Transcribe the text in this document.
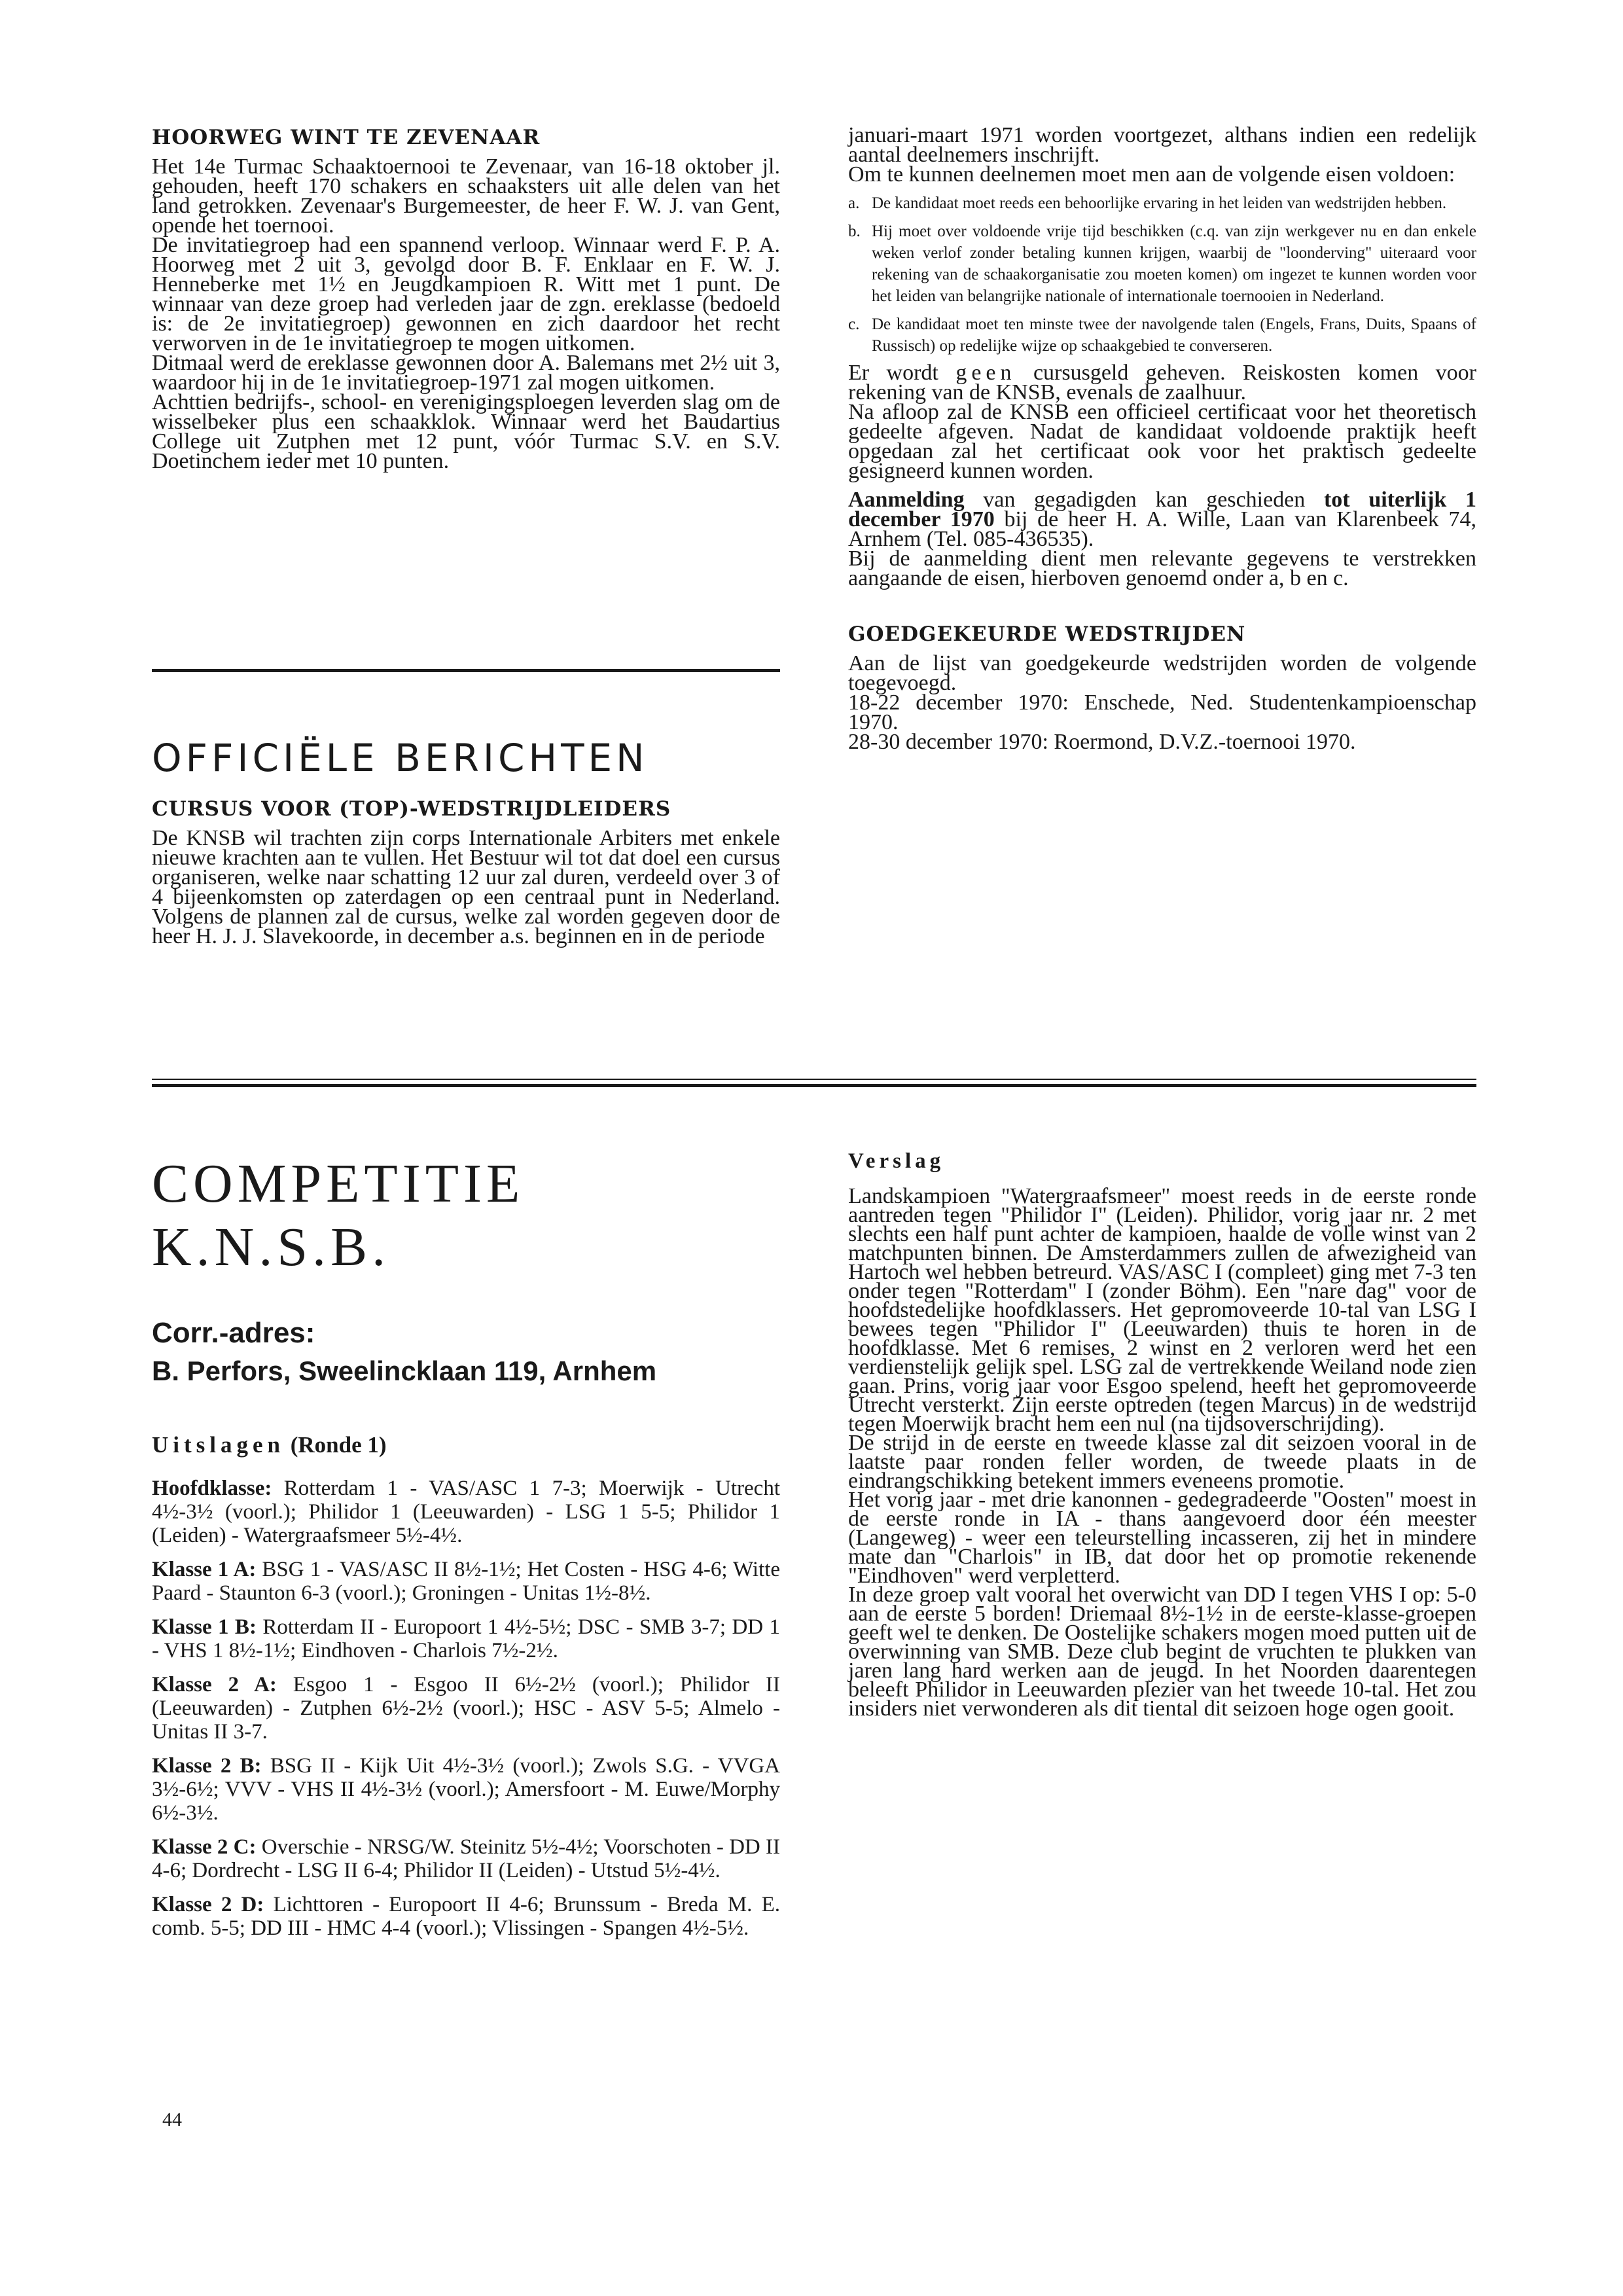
HOORWEG WINT TE ZEVENAAR

Het 14e Turmac Schaaktoernooi te Zevenaar, van 16-18 oktober jl. gehouden, heeft 170 schakers en schaaksters uit alle delen van het land getrokken. Zevenaar's Burgemeester, de heer F. W. J. van Gent, opende het toernooi.

De invitatiegroep had een spannend verloop. Winnaar werd F. P. A. Hoorweg met 2 uit 3, gevolgd door B. F. Enklaar en F. W. J. Henneberke met 1½ en Jeugdkampioen R. Witt met 1 punt. De winnaar van deze groep had verleden jaar de zgn. ereklasse (bedoeld is: de 2e invitatiegroep) gewonnen en zich daardoor het recht verworven in de 1e invitatiegroep te mogen uitkomen.

Ditmaal werd de ereklasse gewonnen door A. Balemans met 2½ uit 3, waardoor hij in de 1e invitatiegroep-1971 zal mogen uitkomen.

Achttien bedrijfs-, school- en verenigingsploegen leverden slag om de wisselbeker plus een schaakklok. Winnaar werd het Baudartius College uit Zutphen met 12 punt, vóór Turmac S.V. en S.V. Doetinchem ieder met 10 punten.

OFFICIËLE BERICHTEN
CURSUS VOOR (TOP)-WEDSTRIJDLEIDERS

De KNSB wil trachten zijn corps Internationale Arbiters met enkele nieuwe krachten aan te vullen. Het Bestuur wil tot dat doel een cursus organiseren, welke naar schatting 12 uur zal duren, verdeeld over 3 of 4 bijeenkomsten op zaterdagen op een centraal punt in Nederland. Volgens de plannen zal de cursus, welke zal worden gegeven door de heer H. J. J. Slavekoorde, in december a.s. beginnen en in de periode

januari-maart 1971 worden voortgezet, althans indien een redelijk aantal deelnemers inschrijft.

Om te kunnen deelnemen moet men aan de volgende eisen voldoen:

a. De kandidaat moet reeds een behoorlijke ervaring in het leiden van wedstrijden hebben.
b. Hij moet over voldoende vrije tijd beschikken (c.q. van zijn werkgever nu en dan enkele weken verlof zonder betaling kunnen krijgen, waarbij de "loonderving" uiteraard voor rekening van de schaakorganisatie zou moeten komen) om ingezet te kunnen worden voor het leiden van belangrijke nationale of internationale toernooien in Nederland.
c. De kandidaat moet ten minste twee der navolgende talen (Engels, Frans, Duits, Spaans of Russisch) op redelijke wijze op schaakgebied te converseren.

Er wordt geen cursusgeld geheven. Reiskosten komen voor rekening van de KNSB, evenals de zaalhuur.

Na afloop zal de KNSB een officieel certificaat voor het theoretisch gedeelte afgeven. Nadat de kandidaat voldoende praktijk heeft opgedaan zal het certificaat ook voor het praktisch gedeelte gesigneerd kunnen worden.

Aanmelding van gegadigden kan geschieden tot uiterlijk 1 december 1970 bij de heer H. A. Wille, Laan van Klarenbeek 74, Arnhem (Tel. 085-436535).

Bij de aanmelding dient men relevante gegevens te verstrekken aangaande de eisen, hierboven genoemd onder a, b en c.

GOEDGEKEURDE WEDSTRIJDEN

Aan de lijst van goedgekeurde wedstrijden worden de volgende toegevoegd.

18-22 december 1970: Enschede, Ned. Studentenkampioenschap 1970.

28-30 december 1970: Roermond, D.V.Z.-toernooi 1970.

COMPETITIE K.N.S.B.
Corr.-adres:
B. Perfors, Sweelincklaan 119, Arnhem
Uitslagen (Ronde 1)
Hoofdklasse: Rotterdam 1 - VAS/ASC 1 7-3; Moerwijk - Utrecht 4½-3½ (voorl.); Philidor 1 (Leeuwarden) - LSG 1 5-5; Philidor 1 (Leiden) - Watergraafsmeer 5½-4½.
Klasse 1 A: BSG 1 - VAS/ASC II 8½-1½; Het Costen - HSG 4-6; Witte Paard - Staunton 6-3 (voorl.); Groningen - Unitas 1½-8½.
Klasse 1 B: Rotterdam II - Europoort 1 4½-5½; DSC - SMB 3-7; DD 1 - VHS 1 8½-1½; Eindhoven - Charlois 7½-2½.
Klasse 2 A: Esgoo 1 - Esgoo II 6½-2½ (voorl.); Philidor II (Leeuwarden) - Zutphen 6½-2½ (voorl.); HSC - ASV 5-5; Almelo - Unitas II 3-7.
Klasse 2 B: BSG II - Kijk Uit 4½-3½ (voorl.); Zwols S.G. - VVGA 3½-6½; VVV - VHS II 4½-3½ (voorl.); Amersfoort - M. Euwe/Morphy 6½-3½.
Klasse 2 C: Overschie - NRSG/W. Steinitz 5½-4½; Voorschoten - DD II 4-6; Dordrecht - LSG II 6-4; Philidor II (Leiden) - Utstud 5½-4½.
Klasse 2 D: Lichttoren - Europoort II 4-6; Brunssum - Breda M. E. comb. 5-5; DD III - HMC 4-4 (voorl.); Vlissingen - Spangen 4½-5½.
Verslag

Landskampioen "Watergraafsmeer" moest reeds in de eerste ronde aantreden tegen "Philidor I" (Leiden). Philidor, vorig jaar nr. 2 met slechts een half punt achter de kampioen, haalde de volle winst van 2 matchpunten binnen. De Amsterdammers zullen de afwezigheid van Hartoch wel hebben betreurd. VAS/ASC I (compleet) ging met 7-3 ten onder tegen "Rotterdam" I (zonder Böhm). Een "nare dag" voor de hoofdstedelijke hoofdklassers. Het gepromoveerde 10-tal van LSG I bewees tegen "Philidor I" (Leeuwarden) thuis te horen in de hoofdklasse. Met 6 remises, 2 winst en 2 verloren werd het een verdienstelijk gelijk spel. LSG zal de vertrekkende Weiland node zien gaan. Prins, vorig jaar voor Esgoo spelend, heeft het gepromoveerde Utrecht versterkt. Zijn eerste optreden (tegen Marcus) in de wedstrijd tegen Moerwijk bracht hem een nul (na tijdsoverschrijding).

De strijd in de eerste en tweede klasse zal dit seizoen vooral in de laatste paar ronden feller worden, de tweede plaats in de eindrangschikking betekent immers eveneens promotie.

Het vorig jaar - met drie kanonnen - gedegradeerde "Oosten" moest in de eerste ronde in IA - thans aangevoerd door één meester (Langeweg) - weer een teleurstelling incasseren, zij het in mindere mate dan "Charlois" in IB, dat door het op promotie rekenende "Eindhoven" werd verpletterd.

In deze groep valt vooral het overwicht van DD I tegen VHS I op: 5-0 aan de eerste 5 borden! Driemaal 8½-1½ in de eerste-klasse-groepen geeft wel te denken. De Oostelijke schakers mogen moed putten uit de overwinning van SMB. Deze club begint de vruchten te plukken van jaren lang hard werken aan de jeugd. In het Noorden daarentegen beleeft Philidor in Leeuwarden plezier van het tweede 10-tal. Het zou insiders niet verwonderen als dit tiental dit seizoen hoge ogen gooit.

44
